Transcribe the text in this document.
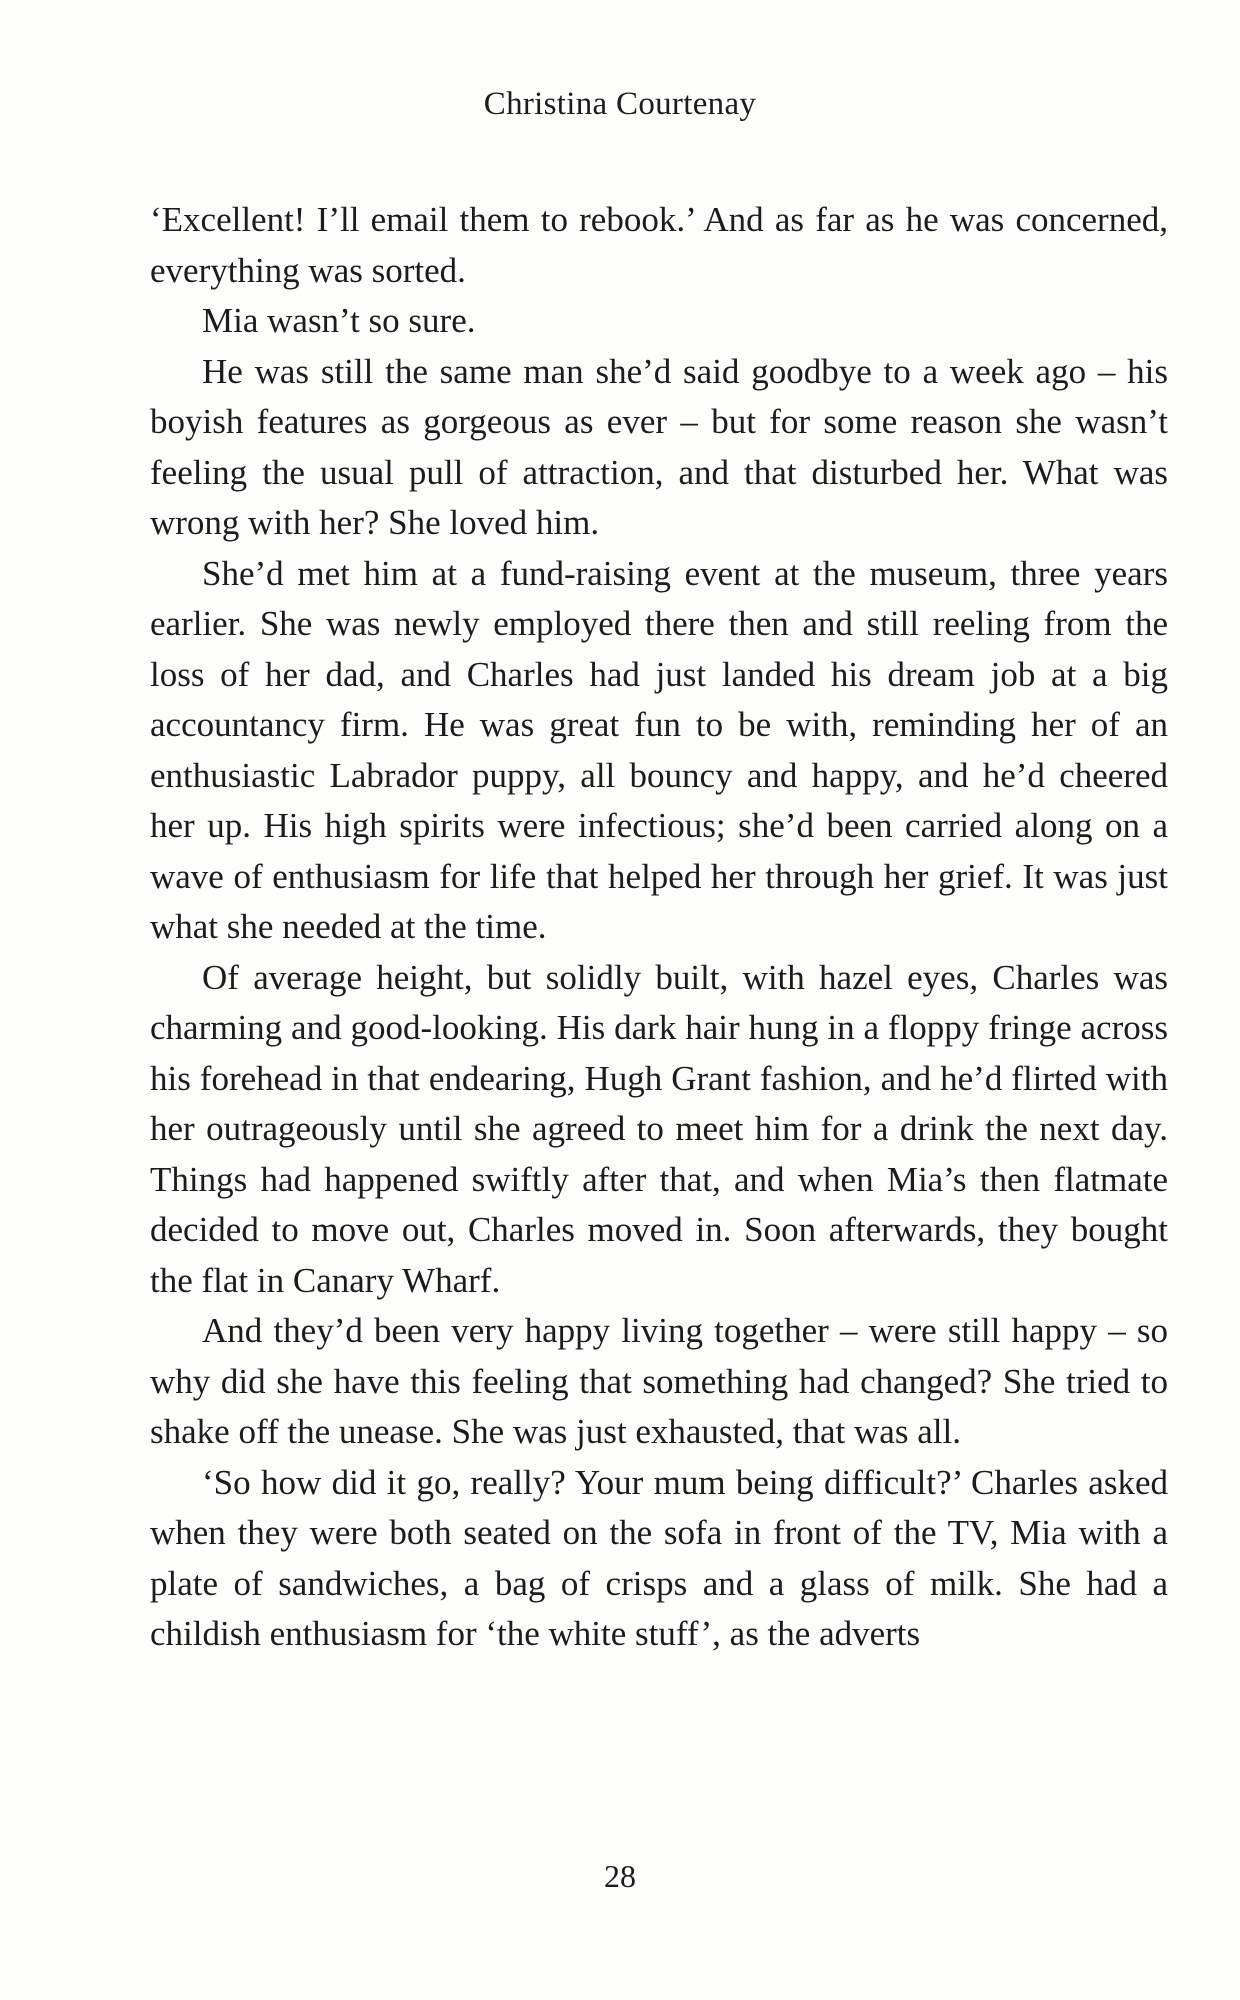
Christina Courtenay

‘Excellent! I’ll email them to rebook.’ And as far as he was concerned, everything was sorted.

Mia wasn’t so sure.

He was still the same man she’d said goodbye to a week ago – his boyish features as gorgeous as ever – but for some reason she wasn’t feeling the usual pull of attraction, and that disturbed her. What was wrong with her? She loved him.

She’d met him at a fund-raising event at the museum, three years earlier. She was newly employed there then and still reeling from the loss of her dad, and Charles had just landed his dream job at a big accountancy firm. He was great fun to be with, reminding her of an enthusiastic Labrador puppy, all bouncy and happy, and he’d cheered her up. His high spirits were infectious; she’d been carried along on a wave of enthusiasm for life that helped her through her grief. It was just what she needed at the time.

Of average height, but solidly built, with hazel eyes, Charles was charming and good-looking. His dark hair hung in a floppy fringe across his forehead in that endearing, Hugh Grant fashion, and he’d flirted with her outrageously until she agreed to meet him for a drink the next day. Things had happened swiftly after that, and when Mia’s then flatmate decided to move out, Charles moved in. Soon afterwards, they bought the flat in Canary Wharf.

And they’d been very happy living together – were still happy – so why did she have this feeling that something had changed? She tried to shake off the unease. She was just exhausted, that was all.

‘So how did it go, really? Your mum being difficult?’ Charles asked when they were both seated on the sofa in front of the TV, Mia with a plate of sandwiches, a bag of crisps and a glass of milk. She had a childish enthusiasm for ‘the white stuff’, as the adverts

28
